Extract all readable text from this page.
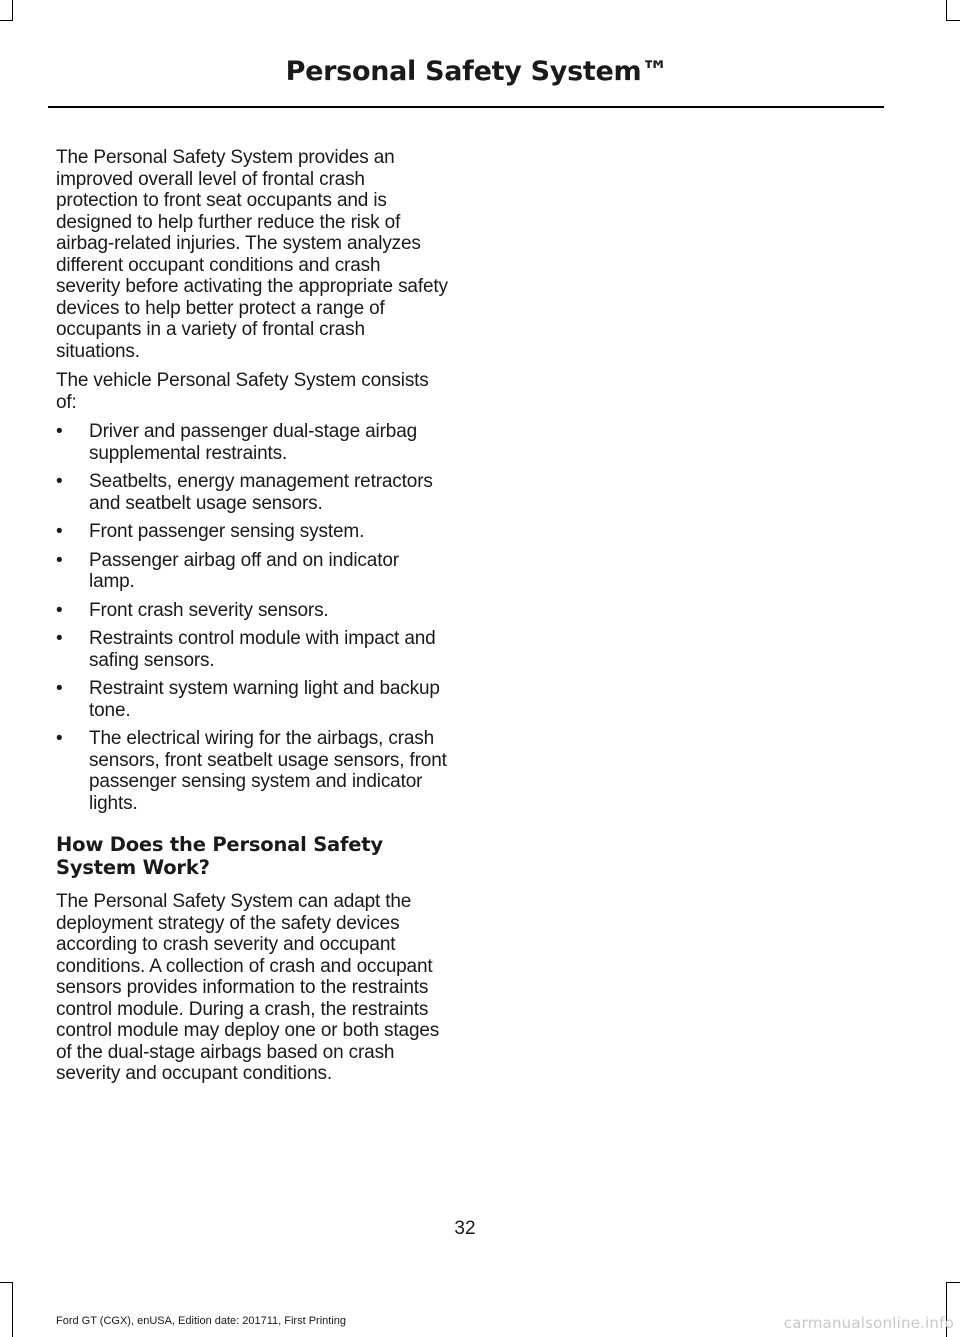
Personal Safety System™

The Personal Safety System provides an improved overall level of frontal crash protection to front seat occupants and is designed to help further reduce the risk of airbag-related injuries. The system analyzes different occupant conditions and crash severity before activating the appropriate safety devices to help better protect a range of occupants in a variety of frontal crash situations.

The vehicle Personal Safety System consists of:

• Driver and passenger dual-stage airbag supplemental restraints.
• Seatbelts, energy management retractors and seatbelt usage sensors.
• Front passenger sensing system.
• Passenger airbag off and on indicator lamp.
• Front crash severity sensors.
• Restraints control module with impact and safing sensors.
• Restraint system warning light and backup tone.
• The electrical wiring for the airbags, crash sensors, front seatbelt usage sensors, front passenger sensing system and indicator lights.
How Does the Personal Safety System Work?

The Personal Safety System can adapt the deployment strategy of the safety devices according to crash severity and occupant conditions. A collection of crash and occupant sensors provides information to the restraints control module. During a crash, the restraints control module may deploy one or both stages of the dual-stage airbags based on crash severity and occupant conditions.

32
Ford GT (CGX), enUSA, Edition date: 201711, First Printing	carmanualsonline.info
